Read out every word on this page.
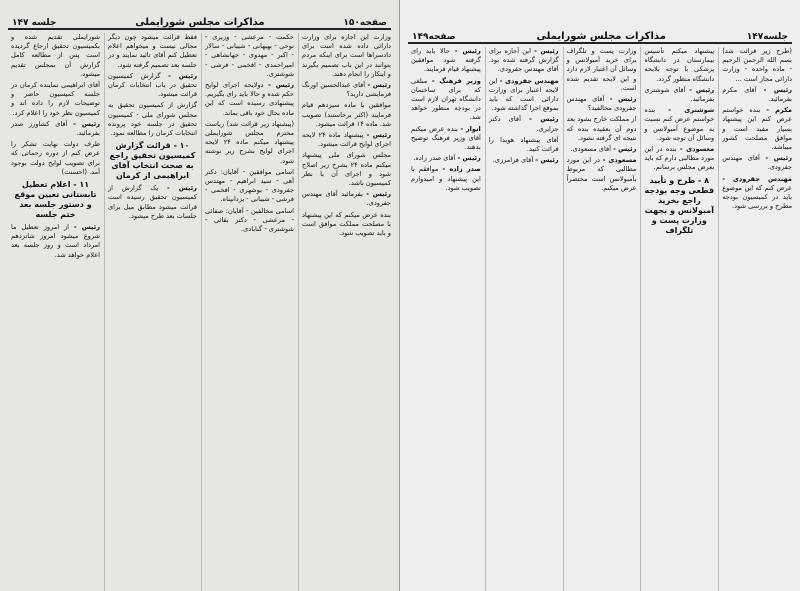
صفحه۱۵۰
مذاکرات مجلس شورایملی
جلسه ۱۴۷

وزارت این اجازه برای وزارت دارائی داده شده است برای دادسراها است برای اینکه مردم بتوانند در این باب تصمیم بگیرند و اینکار را انجام دهند.

رئیس - آقای عبدالحسین اورنگ فرمایشی دارید؟

موافقین با ماده سیزدهم قیام فرمایند (اکثر برخاستند) تصویب شد. ماده ۱۴ قرائت میشود.

رئیس - پیشنهاد ماده ۲۴ لایحه اجرای لوایح قرائت میشود.

مجلس شورای ملی پیشنهاد میکنم ماده ۲۴ بشرح زیر اصلاح شود و اجرای آن با نظر کمیسیون باشد.

رئیس - بفرمائید آقای مهندس جفرودی.

بنده عرض میکنم که این پیشنهاد با مصلحت مملکت موافق است و باید تصویب شود.

حکمت - مرعشی - وزیری - نوحی - بهبهانی - شیبانی - سالار - اکبر - مهدوی - جهانشاهی - امیراحمدی - افخمی - فرشی - شوشتری.

رئیس - دولایحه اجرای لوایح حکم شده و حالا باید رای بگیریم. پیشنهادی رسیده است که این ماده بحال خود باقی بماند.

(پیشنهاد زیر قرائت شد) ریاست محترم مجلس شورایملی پیشنهاد میکنم ماده ۲۴ لایحه اجرای لوایح بشرح زیر نوشته شود.

اسامی موافقین - آقایان: دکتر آهی - سید ابراهیم - مهندس جفرودی - بوشهری - افخمی - فرشی - شیبانی - یزدانپناه.

اسامی مخالفین - آقایان: صفائی - مرعشی - دکتر بقائی - شوشتری - گنابادی.

فقط قرائت میشود چون دیگر مجالی نیست و میخواهم اعلام تعطیل کنم آقای تائید نمایند و در جلسه بعد تصمیم گرفته شود.

رئیس - گزارش کمیسیون تحقیق در باب انتخابات کرمان قرائت میشود.

گزارش از کمیسیون تحقیق به مجلس شورای ملی - کمیسیون تحقیق در جلسه خود پرونده انتخابات کرمان را مطالعه نمود.

۱۰ - قرائت گزارش کمیسیون تحقیق راجع به صحت انتخاب آقای ابراهیمی از کرمان

رئیس - یک گزارش از کمیسیون تحقیق رسیده است قرائت میشود مطابق میل برای جلسات بعد طرح میشود.

شورایملی تقدیم شده و بکمیسیون تحقیق ارجاع گردیده است پس از مطالعه کامل گزارش آن بمجلس تقدیم میشود.

آقای ابراهیمی نماینده کرمان در جلسه کمیسیون حاضر و توضیحات لازم را داده اند و کمیسیون نظر خود را اعلام کرد.

رئیس - آقای کشاورز صدر بفرمائید.

طرف دولت نهایت تشکر را عرض کنم از دوره زحماتی که برای تصویب لوایح دولت بوجود آمد. (احسنت)

۱۱ - اعلام تعطیل تابستانی تعیین موقع و دستور جلسه بعد ختم جلسه

رئیس - از امروز تعطیل ما شروع میشود امروز شانزدهم امرداد است و روز جلسه بعد اعلام خواهد شد.

جلسه۱۴۷
مذاکرات مجلس شورایملی
صفحه۱۴۹

(طرح زیر قرائت شد) بسم الله الرحمن الرحیم - ماده واحده - وزارت دارائی مجاز است ...

رئیس - آقای مکرم بفرمائید.

مکرم - بنده خواستم عرض کنم این پیشنهاد بسیار مفید است و موافق مصلحت کشور میباشد.

رئیس - آقای مهندس جفرودی.

مهندس جفرودی - عرض کنم که این موضوع باید در کمیسیون بودجه مطرح و بررسی شود.

پیشنهاد میکنم تأسیس بیمارستان در دانشگاه پزشکی با توجه بلایحه دانشگاه منظور گردد.

رئیس - آقای شوشتری بفرمائید.

شوشتری - بنده خواستم عرض کنم نسبت به موضوع آمبولانس و وسائل آن توجه شود.

معسودی - بنده در این مورد مطالبی دارم که باید بعرض مجلس برسانم.

۸ - طرح و تأیید قطعی وجه بودجه راجع بخرید آمبولانس و بجهت وزارت پست و تلگراف

وزارت پست و تلگراف برای خرید آمبولانس و وسائل آن اعتبار لازم دارد و این لایحه تقدیم شده است.

رئیس - آقای مهندس جفرودی مخالفید؟

از مملکت خارج بشود بعد دوم آن بعقیده بنده که نتیجه ای گرفته نشود.

رئیس - آقای مسعودی.

مسعودی - در این مورد مطالبی که مربوط بآمبولانس است مختصراً عرض میکنم.

رئیس - این آجازه برای گزارش گرفته شده بود. آقای مهندس جفرودی.

مهندس جفرودی - این لایحه اعتبار برای وزارت دارائی است که باید بموقع اجرا گذاشته شود.

رئیس - آقای دکتر جزایری.

آقای پیشنهاد هویدا را قرائت کنید.

رئیس - آقای فرامرزی.

رئیس - حالا باید رای گرفته شود موافقین پیشنهاد قیام فرمایند.

وزیر فرهنگ - مبلغی که برای ساختمان دانشگاه تهران لازم است در بودجه منظور خواهد شد.

انوار - بنده عرض میکنم آقای وزیر فرهنگ توضیح بدهند.

رئیس - آقای صدر زاده.

صدر زاده - موافقم با این پیشنهاد و امیدوارم تصویب شود.
